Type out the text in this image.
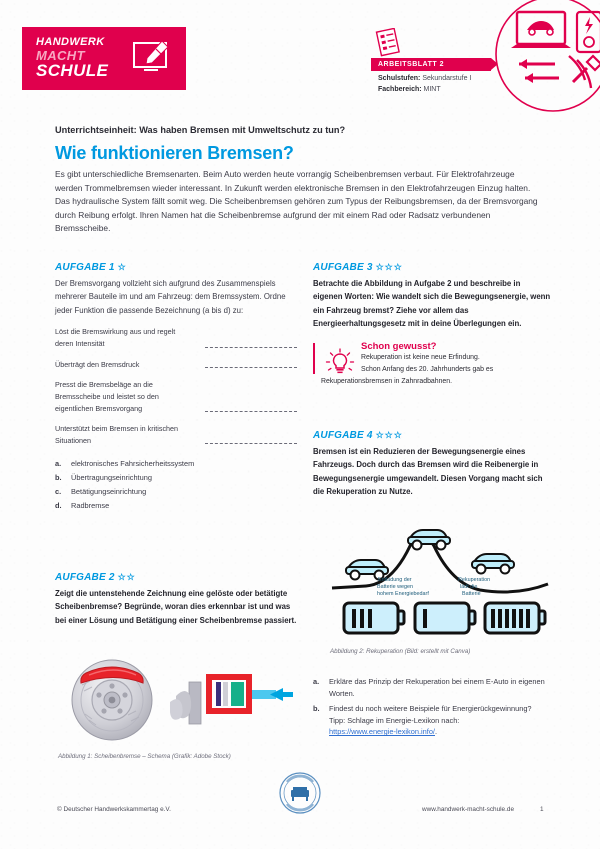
HANDWERK
MACHT
SCHULE	ARBEITSBLATT 2
Schulstufen: Sekundarstufe I
Fachbereich: MINT
Unterrichtseinheit: Was haben Bremsen mit Umweltschutz zu tun?
Wie funktionieren Bremsen?
Es gibt unterschiedliche Bremsenarten. Beim Auto werden heute vorrangig Scheibenbremsen verbaut. Für Elektrofahrzeuge werden Trommelbremsen wieder interessant. In Zukunft werden elektronische Bremsen in den Elektrofahrzeugen Einzug halten. Das hydraulische System fällt somit weg. Die Scheibenbremsen gehören zum Typus der Reibungsbremsen, da der Bremsvorgang durch Reibung erfolgt. Ihren Namen hat die Scheibenbremse aufgrund der mit einem Rad oder Radsatz verbundenen Bremsscheibe.
AUFGABE 1 ☆
Der Bremsvorgang vollzieht sich aufgrund des Zusammenspiels mehrerer Bauteile im und am Fahrzeug: dem Bremssystem. Ordne jeder Funktion die passende Bezeichnung (a bis d) zu:
Löst die Bremswirkung aus und regelt deren Intensität
Überträgt den Bremsdruck
Presst die Bremsbeläge an die Bremsscheibe und leistet so den eigentlichen Bremsvorgang
Unterstützt beim Bremsen in kritischen Situationen
a.	elektronisches Fahrsicherheitssystem
b.	Übertragungseinrichtung
c.	Betätigungseinrichtung
d.	Radbremse
AUFGABE 2 ☆☆
Zeigt die untenstehende Zeichnung eine gelöste oder betätigte Scheibenbremse? Begründe, woran dies erkennbar ist und was bei einer Lösung und Betätigung einer Scheibenbremse passiert.
Abbildung 1: Scheibenbremse – Schema (Grafik: Adobe Stock)
AUFGABE 3 ☆☆☆
Betrachte die Abbildung in Aufgabe 2 und beschreibe in eigenen Worten: Wie wandelt sich die Bewegungsenergie, wenn ein Fahrzeug bremst? Ziehe vor allem das Energieerhaltungsgesetz mit in deine Überlegungen ein.
Schon gewusst?
Rekuperation ist keine neue Erfindung.
Schon Anfang des 20. Jahrhunderts gab es
Rekuperationsbremsen in Zahnradbahnen.
AUFGABE 4 ☆☆☆
Bremsen ist ein Reduzieren der Bewegungsenergie eines Fahrzeugs. Doch durch das Bremsen wird die Reibenergie in Bewegungsenergie umgewandelt. Diesen Vorgang macht sich die Rekuperation zu Nutze.
Entladung der
Batterie wegen
hohem Energiebedarf
Rekuperation
lädt die
Batterie
Abbildung 2: Rekuperation (Bild: erstellt mit Canva)
a.	Erkläre das Prinzip der Rekuperation bei einem E-Auto in eigenen Worten.
b.	Findest du noch weitere Beispiele für Energierückgewinnung?
Tipp: Schlage im Energie-Lexikon nach:
https://www.energie-lexikon.info/.
© Deutscher Handwerkskammertag e.V.	www.handwerk-macht-schule.de	1
